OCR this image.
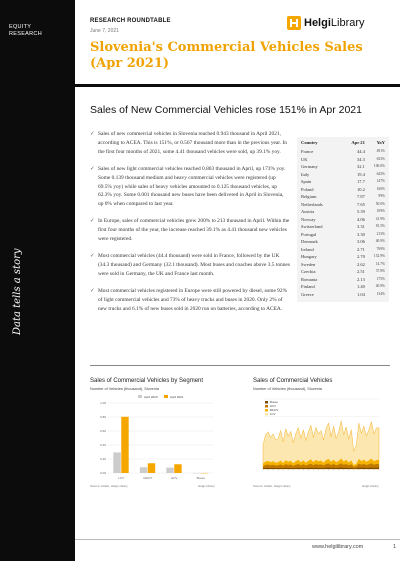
EQUITY
RESEARCH
Data tells a story
RESEARCH ROUNDTABLE
June 7, 2021
HelgiLibrary
Slovenia's Commercial Vehicles Sales (Apr 2021)
Sales of New Commercial Vehicles rose 151% in Apr 2021
✓ Sales of new commercial vehicles in Slovenia reached 0.943 thousand in April 2021, according to ACEA. This is 151%, or 0.567 thousand more than in the previous year. In the first four months of 2021, some 4.41 thousand vehicles were sold, up 39.1% yoy.
✓ Sales of new light commercial vehicles reached 0.803 thousand in April, up 173% yoy. Some 0.139 thousand medium and heavy commercial vehicles were registered (up 69.5% yoy) while sales of heavy vehicles amounted to 0.125 thousand vehicles, up 62.3% yoy. Some 0.001 thousand new buses have been delivered in April in Slovenia, up 0% when compared to last year.
✓ In Europe, sales of commercial vehicles grew 200% to 213 thousand in April. Within the first four months of the year, the increase reached 39.1% as 4.41 thousand new vehicles were registered.
✓ Most commercial vehicles (44.4 thousand) were sold in France, followed by the UK (34.3 thousand) and Germany (32.1 thousand). Most buses and coaches above 3.5 tonnes were sold in Germany, the UK and France last month.
✓ Most commercial vehicles registered in Europe were still powered by diesel, some 92% of light commercial vehicles and 73% of heavy trucks and buses in 2020. Only 2% of new trucks and 6.1% of new buses sold in 2020 run on batteries, according to ACEA.
Country	Apr 21	YoY
France	44.4	491%
UK	34.3	633%
Germany	32.1	100.0%
Italy	19.4	643%
Spain	17.7	147%
Poland	10.2	160%
Belgium	7.87	99%
Netherlands	7.65	50.0%
Austria	5.39	109%
Norway	4.06	41.9%
Switzerland	3.31	81.5%
Portugal	3.30	213%
Denmark	3.06	40.9%
Ireland	2.71	769%
Hungary	2.70	152.9%
Sweden	2.62	14.7%
Czechia	2.51	37.8%
Romania	2.13	175%
Finland	1.40	40.9%
Greece	1.04	134%
Sales of Commercial Vehicles by Segment
Number of Vehicles (thousand), Slovenia
0.00
0.20
0.40
0.60
0.80
1.00
April 2020	April 2021
LCV	MHCV	HCV	Buses
Source: ACEA, Helgi Library	Helgi Library
Sales of Commercial Vehicles
Number of Vehicles (thousand), Slovenia
Buses
HCV
MHCV
LCV
Source: ACEA, Helgi Library	Helgi Library
www.helgilibrary.com	1
